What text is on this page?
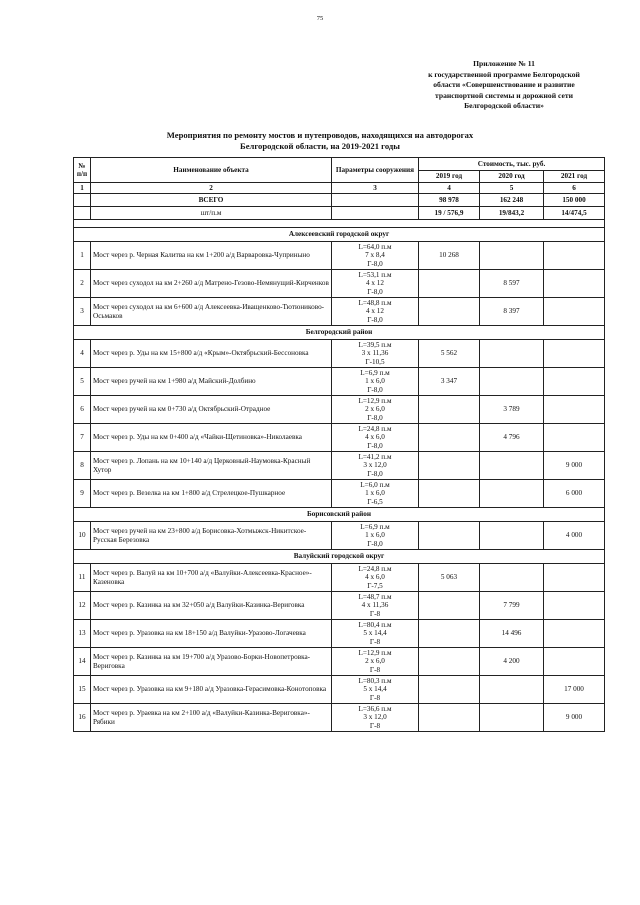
75
Приложение № 11
к государственной программе Белгородской
области «Совершенствование и развитие
транспортной системы и дорожной сети
Белгородской области»
Мероприятия по ремонту мостов и путепроводов, находящихся на автодорогах
Белгородской области, на 2019-2021 годы
№ п/п	Наименование объекта	Параметры сооружения	Стоимость, тыс. руб.		
			2019 год	2020 год	2021 год
1	2	3	4	5	6
	ВСЕГО		98 978	162 248	150 000
	шт/п.м		19 / 576,9	19/843,2	14/474,5

Алексеевский городской округ					
1	Мост через р. Черная Калитва на км 1+200 а/д Варваровка-Чуприныно	L=64,0 п.м
7 х 8,4
Г-8,0	10 268		
2	Мост через суходол на км 2+260 а/д Матрено-Гезово-Немянущий-Кирченков	L=53,1 п.м
4 х 12
Г-8,0		8 597	
3	Мост через суходол на км 6+600 а/д Алексеевка-Иващенково-Тютюниково-Осьмаков	L=48,8 п.м
4 х 12
Г-8,0		8 397	
Белгородский район					
4	Мост через р. Уды на км 15+800 а/д «Крым»-Октябрьский-Бессоновка	L=39,5 п.м
3 х 11,36
Г-10,5	5 562		
5	Мост через ручей на км 1+980 а/д Майский-Долбино	L=6,9 п.м
1 х 6,0
Г-8,0	3 347		
6	Мост через ручей на км 0+730 а/д Октябрьский-Отрадное	L=12,9 п.м
2 х 6,0
Г-8,0		3 789	
7	Мост через р. Уды на км 0+400 а/д «Чайки-Щетиновка»-Николаевка	L=24,8 п.м
4 х 6,0
Г-8,0		4 796	
8	Мост через р. Лопань на км 10+140 а/д Церковный-Наумовка-Красный Хутор	L=41,2 п.м
3 х 12,0
Г-8,0			9 000
9	Мост через р. Везелка на км 1+800 а/д Стрелецкое-Пушкарное	L=6,0 п.м
1 х 6,0
Г-6,5			6 000
Борисовский район					
10	Мост через ручей на км 23+800 а/д Борисовка-Хотмыжск-Никитское-Русская Березовка	L=6,9 п.м
1 х 6,0
Г-8,0			4 000
Валуйский городской округ					
11	Мост через р. Валуй на км 10+700 а/д «Валуйки-Алексеевка-Красное»-Казеновка	L=24,8 п.м
4 х 6,0
Г-7,5	5 063		
12	Мост через р. Казинка на км 32+050 а/д Валуйки-Казинка-Вериговка	L=48,7 п.м
4 х 11,36
Г-8		7 799	
13	Мост через р. Уразовка на км 18+150 а/д Валуйки-Уразово-Логачевка	L=80,4 п.м
5 х 14,4
Г-8		14 496	
14	Мост через р. Казинка на км 19+700 а/д Уразово-Борки-Новопетровка-Вериговка	L=12,9 п.м
2 х 6,0
Г-8		4 200	
15	Мост через р. Уразовка на км 9+180 а/д Уразовка-Герасимовка-Конотоповка	L=80,3 п.м
5 х 14,4
Г-8			17 000
16	Мост через р. Ураевка на км 2+100 а/д «Валуйки-Казинка-Вериговка»-Рябики	L=36,6 п.м
3 х 12,0
Г-8			9 000
